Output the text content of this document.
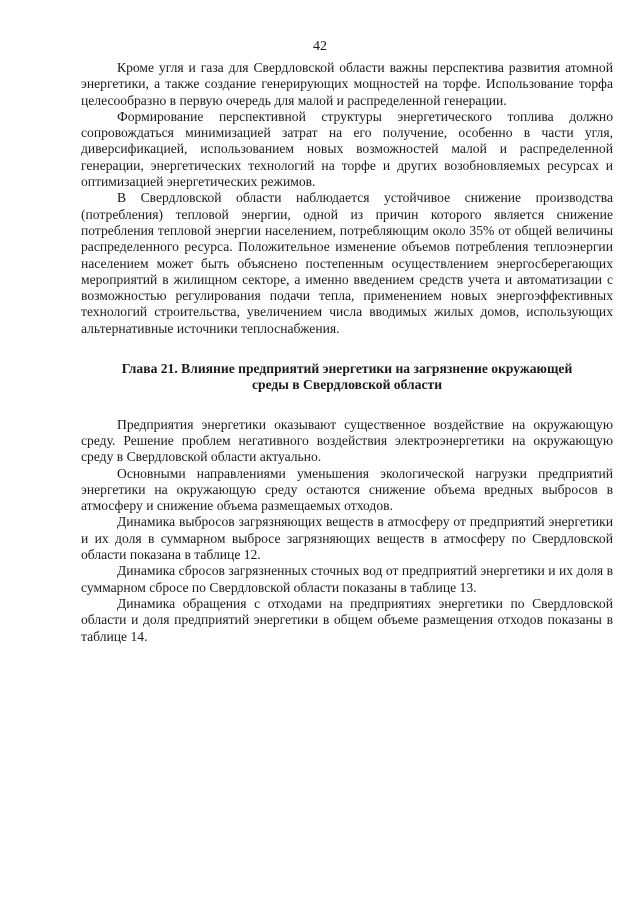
42

Кроме угля и газа для Свердловской области важны перспектива развития атомной энергетики, а также создание генерирующих мощностей на торфе. Использование торфа целесообразно в первую очередь для малой и распределенной генерации.

Формирование перспективной структуры энергетического топлива должно сопровождаться минимизацией затрат на его получение, особенно в части угля, диверсификацией, использованием новых возможностей малой и распределенной генерации, энергетических технологий на торфе и других возобновляемых ресурсах и оптимизацией энергетических режимов.

В Свердловской области наблюдается устойчивое снижение производства (потребления) тепловой энергии, одной из причин которого является снижение потребления тепловой энергии населением, потребляющим около 35% от общей величины распределенного ресурса. Положительное изменение объемов потребления теплоэнергии населением может быть объяснено постепенным осуществлением энергосберегающих мероприятий в жилищном секторе, а именно введением средств учета и автоматизации с возможностью регулирования подачи тепла, применением новых энергоэффективных технологий строительства, увеличением числа вводимых жилых домов, использующих альтернативные источники теплоснабжения.

Глава 21. Влияние предприятий энергетики на загрязнение окружающей
среды в Свердловской области

Предприятия энергетики оказывают существенное воздействие на окружающую среду. Решение проблем негативного воздействия электроэнергетики на окружающую среду в Свердловской области актуально.

Основными направлениями уменьшения экологической нагрузки предприятий энергетики на окружающую среду остаются снижение объема вредных выбросов в атмосферу и снижение объема размещаемых отходов.

Динамика выбросов загрязняющих веществ в атмосферу от предприятий энергетики и их доля в суммарном выбросе загрязняющих веществ в атмосферу по Свердловской области показана в таблице 12.

Динамика сбросов загрязненных сточных вод от предприятий энергетики и их доля в суммарном сбросе по Свердловской области показаны в таблице 13.

Динамика обращения с отходами на предприятиях энергетики по Свердловской области и доля предприятий энергетики в общем объеме размещения отходов показаны в таблице 14.
